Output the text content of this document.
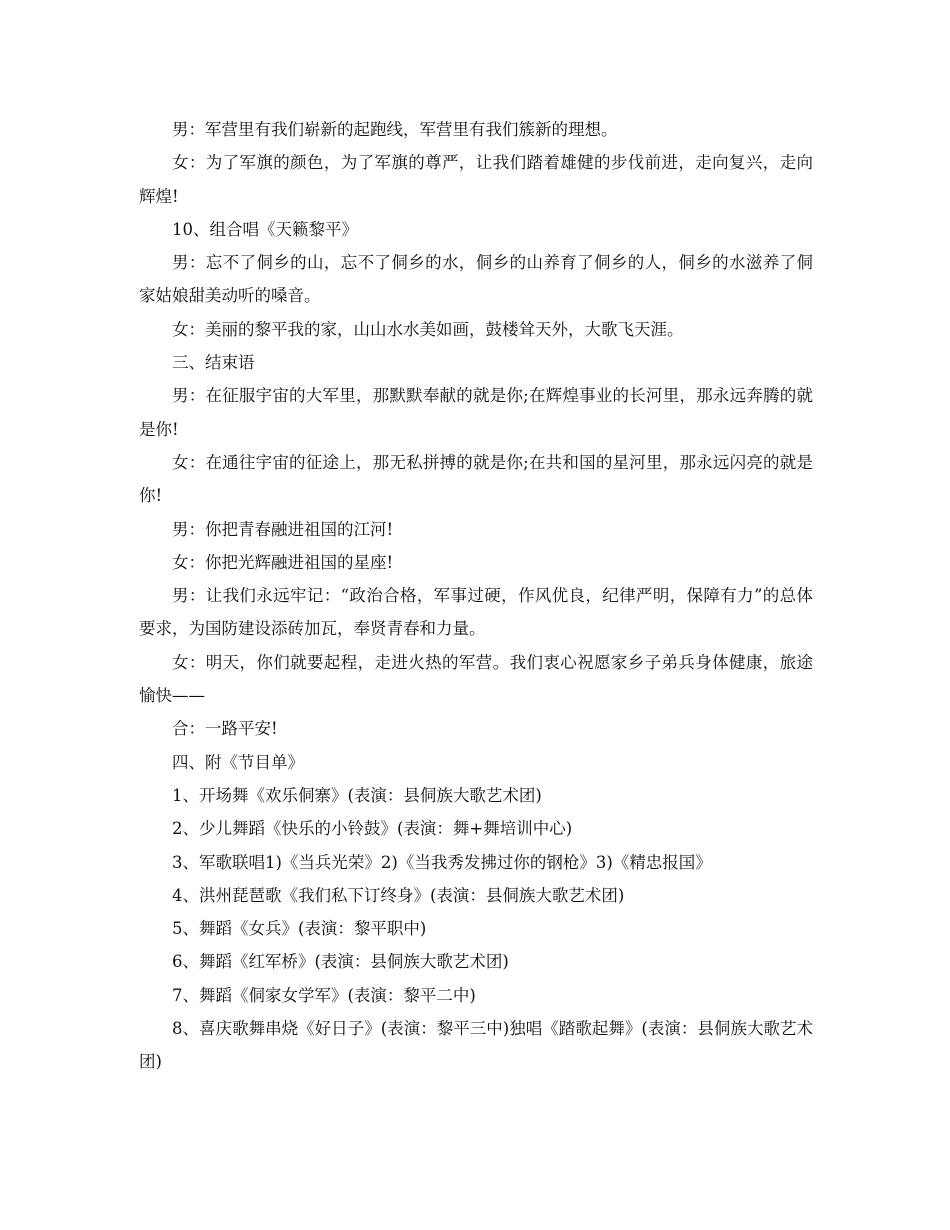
男：军营里有我们崭新的起跑线，军营里有我们簇新的理想。

女：为了军旗的颜色，为了军旗的尊严，让我们踏着雄健的步伐前进，走向复兴，走向辉煌!

10、组合唱《天籁黎平》

男：忘不了侗乡的山，忘不了侗乡的水，侗乡的山养育了侗乡的人，侗乡的水滋养了侗家姑娘甜美动听的嗓音。

女：美丽的黎平我的家，山山水水美如画，鼓楼耸天外，大歌飞天涯。

三、结束语

男：在征服宇宙的大军里，那默默奉献的就是你;在辉煌事业的长河里，那永远奔腾的就是你!

女：在通往宇宙的征途上，那无私拼搏的就是你;在共和国的星河里，那永远闪亮的就是你!

男：你把青春融进祖国的江河!

女：你把光辉融进祖国的星座!

男：让我们永远牢记：“政治合格，军事过硬，作风优良，纪律严明，保障有力”的总体要求，为国防建设添砖加瓦，奉贤青春和力量。

女：明天，你们就要起程，走进火热的军营。我们衷心祝愿家乡子弟兵身体健康，旅途愉快——

合：一路平安!

四、附《节目单》

1、开场舞《欢乐侗寨》(表演：县侗族大歌艺术团)

2、少儿舞蹈《快乐的小铃鼓》(表演：舞+舞培训中心)

3、军歌联唱1)《当兵光荣》2)《当我秀发拂过你的钢枪》3)《精忠报国》

4、洪州琵琶歌《我们私下订终身》(表演：县侗族大歌艺术团)

5、舞蹈《女兵》(表演：黎平职中)

6、舞蹈《红军桥》(表演：县侗族大歌艺术团)

7、舞蹈《侗家女学军》(表演：黎平二中)

8、喜庆歌舞串烧《好日子》(表演：黎平三中)独唱《踏歌起舞》(表演：县侗族大歌艺术团)
